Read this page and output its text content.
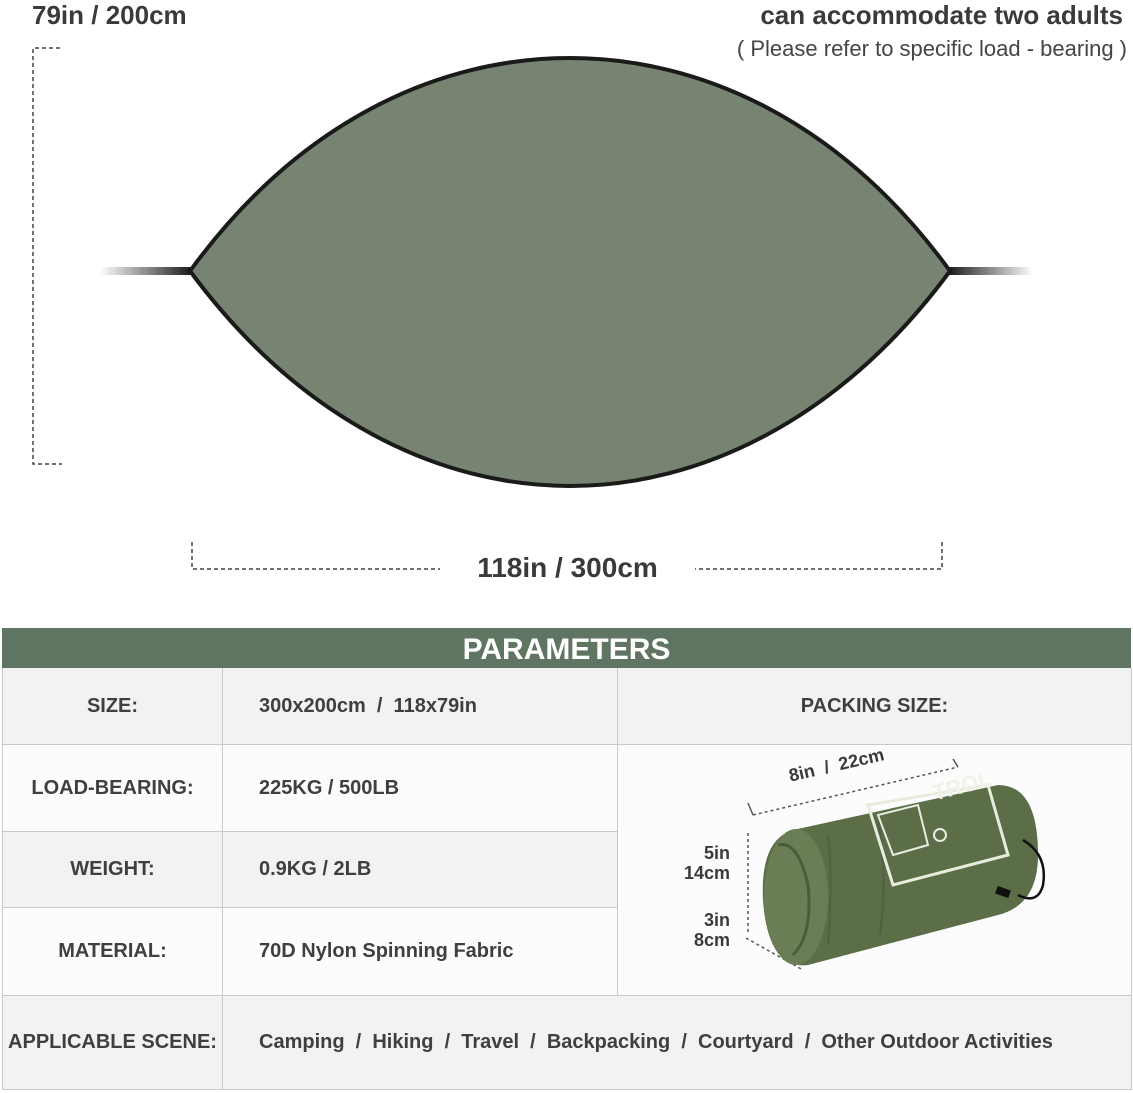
79in / 200cm	can accommodate two adults
( Please refer to specific load - bearing )
118in / 300cm
PARAMETERS
SIZE:	300x200cm  /  118x79in	PACKING SIZE:
LOAD-BEARING:	225KG / 500LB
WEIGHT:	0.9KG / 2LB
MATERIAL:	70D Nylon Spinning Fabric
TROL
8in  /  22cm
5in
14cm
3in
8cm
APPLICABLE SCENE:	Camping  /  Hiking  /  Travel  /  Backpacking  /  Courtyard  /  Other Outdoor Activities
